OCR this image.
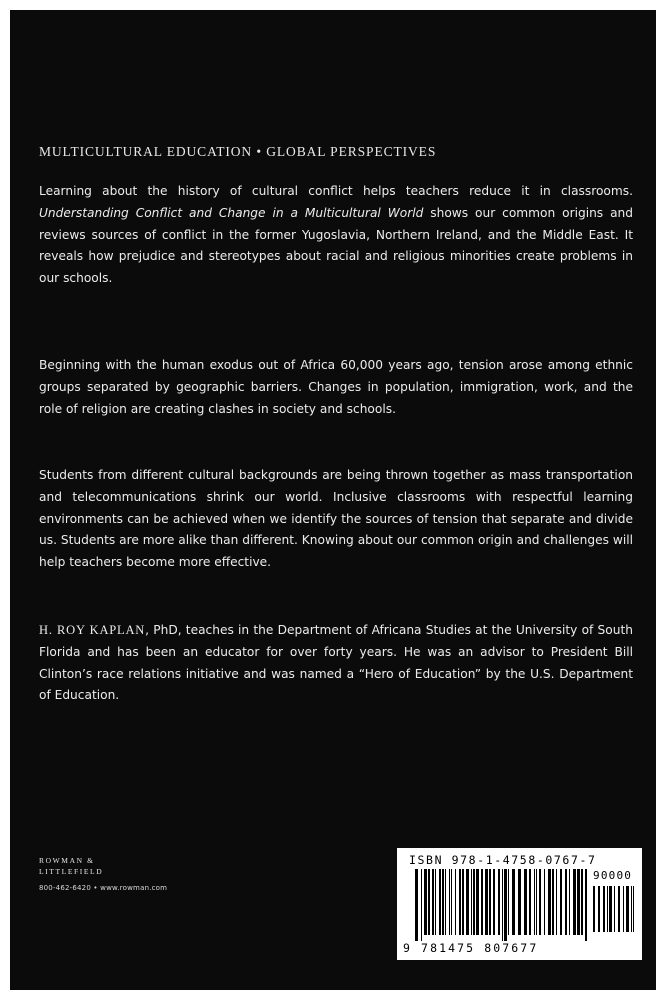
MULTICULTURAL EDUCATION • GLOBAL PERSPECTIVES

Learning about the history of cultural conflict helps teachers reduce it in classrooms. Understanding Conflict and Change in a Multicultural World shows our common origins and reviews sources of conflict in the former Yugoslavia, Northern Ireland, and the Middle East. It reveals how prejudice and stereotypes about racial and religious minorities create problems in our schools.

Beginning with the human exodus out of Africa 60,000 years ago, tension arose among ethnic groups separated by geographic barriers. Changes in population, immigration, work, and the role of religion are creating clashes in society and schools.

Students from different cultural backgrounds are being thrown together as mass transportation and telecommunications shrink our world. Inclusive classrooms with respectful learning environments can be achieved when we identify the sources of tension that separate and divide us. Students are more alike than different. Knowing about our common origin and challenges will help teachers become more effective.

H. ROY KAPLAN, PhD, teaches in the Department of Africana Studies at the University of South Florida and has been an educator for over forty years. He was an advisor to President Bill Clinton’s race relations initiative and was named a “Hero of Education” by the U.S. Department of Education.

ROWMAN &
LITTLEFIELD
800-462-6420 • www.rowman.com
ISBN 978-1-4758-0767-7
90000
9 781475 807677
